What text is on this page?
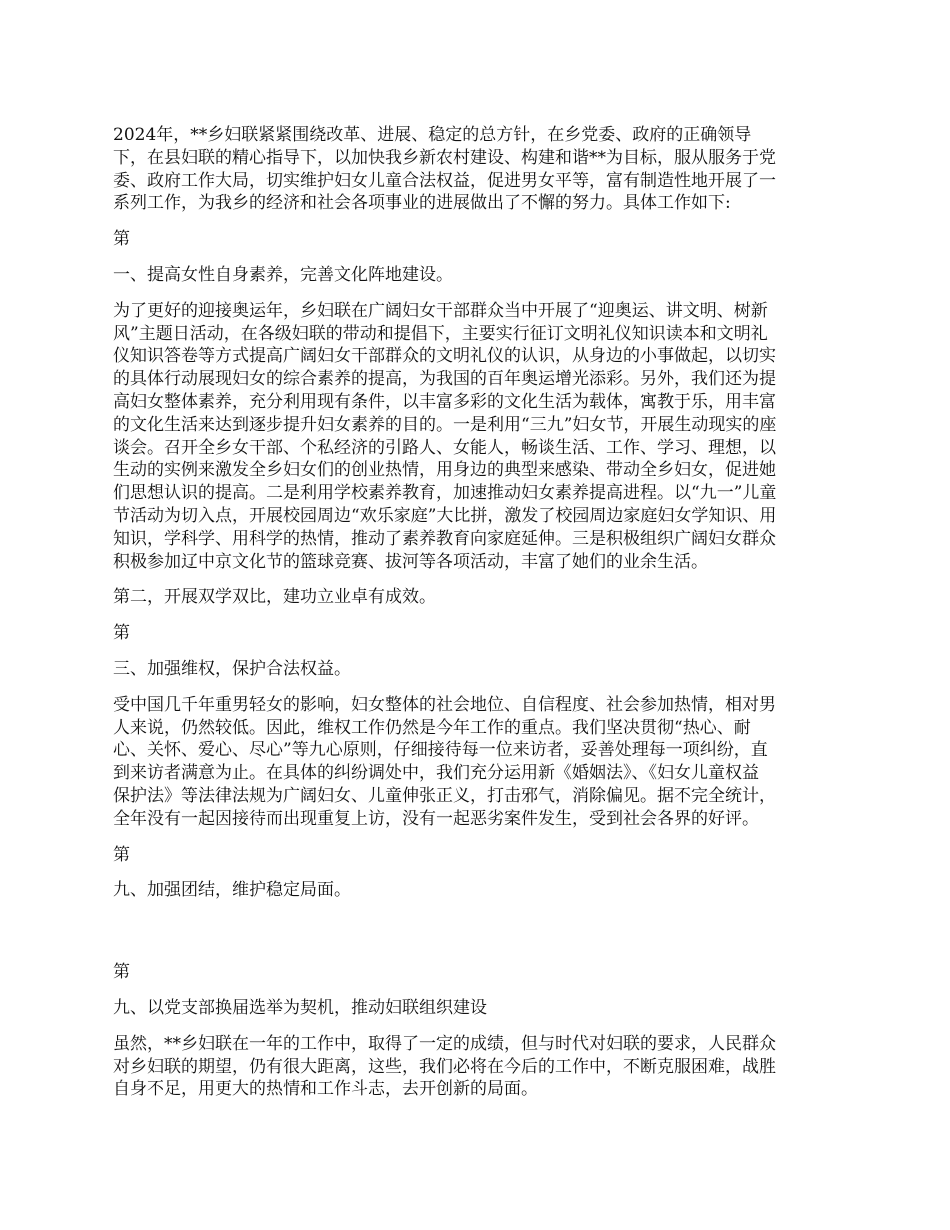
2024年，**乡妇联紧紧围绕改革、进展、稳定的总方针，在乡党委、政府的正确领导
下，在县妇联的精心指导下，以加快我乡新农村建设、构建和谐**为目标，服从服务于党
委、政府工作大局，切实维护妇女儿童合法权益，促进男女平等，富有制造性地开展了一
系列工作，为我乡的经济和社会各项事业的进展做出了不懈的努力。具体工作如下:

第

一、提高女性自身素养，完善文化阵地建设。

为了更好的迎接奥运年，乡妇联在广阔妇女干部群众当中开展了“迎奥运、讲文明、树新
风”主题日活动，在各级妇联的带动和提倡下，主要实行征订文明礼仪知识读本和文明礼
仪知识答卷等方式提高广阔妇女干部群众的文明礼仪的认识，从身边的小事做起，以切实
的具体行动展现妇女的综合素养的提高，为我国的百年奥运增光添彩。另外，我们还为提
高妇女整体素养，充分利用现有条件，以丰富多彩的文化生活为载体，寓教于乐，用丰富
的文化生活来达到逐步提升妇女素养的目的。一是利用“三九”妇女节，开展生动现实的座
谈会。召开全乡女干部、个私经济的引路人、女能人，畅谈生活、工作、学习、理想，以
生动的实例来激发全乡妇女们的创业热情，用身边的典型来感染、带动全乡妇女，促进她
们思想认识的提高。二是利用学校素养教育，加速推动妇女素养提高进程。以“九一”儿童
节活动为切入点，开展校园周边“欢乐家庭”大比拼，激发了校园周边家庭妇女学知识、用
知识，学科学、用科学的热情，推动了素养教育向家庭延伸。三是积极组织广阔妇女群众
积极参加辽中京文化节的篮球竞赛、拔河等各项活动，丰富了她们的业余生活。

第二，开展双学双比，建功立业卓有成效。

第

三、加强维权，保护合法权益。

受中国几千年重男轻女的影响，妇女整体的社会地位、自信程度、社会参加热情，相对男
人来说，仍然较低。因此，维权工作仍然是今年工作的重点。我们坚决贯彻“热心、耐
心、关怀、爱心、尽心”等九心原则，仔细接待每一位来访者，妥善处理每一项纠纷，直
到来访者满意为止。在具体的纠纷调处中，我们充分运用新《婚姻法》、《妇女儿童权益
保护法》等法律法规为广阔妇女、儿童伸张正义，打击邪气，消除偏见。据不完全统计，
全年没有一起因接待而出现重复上访，没有一起恶劣案件发生，受到社会各界的好评。

第

九、加强团结，维护稳定局面。

第

九、以党支部换届选举为契机，推动妇联组织建设

虽然，**乡妇联在一年的工作中，取得了一定的成绩，但与时代对妇联的要求，人民群众
对乡妇联的期望，仍有很大距离，这些，我们必将在今后的工作中，不断克服困难，战胜
自身不足，用更大的热情和工作斗志，去开创新的局面。
